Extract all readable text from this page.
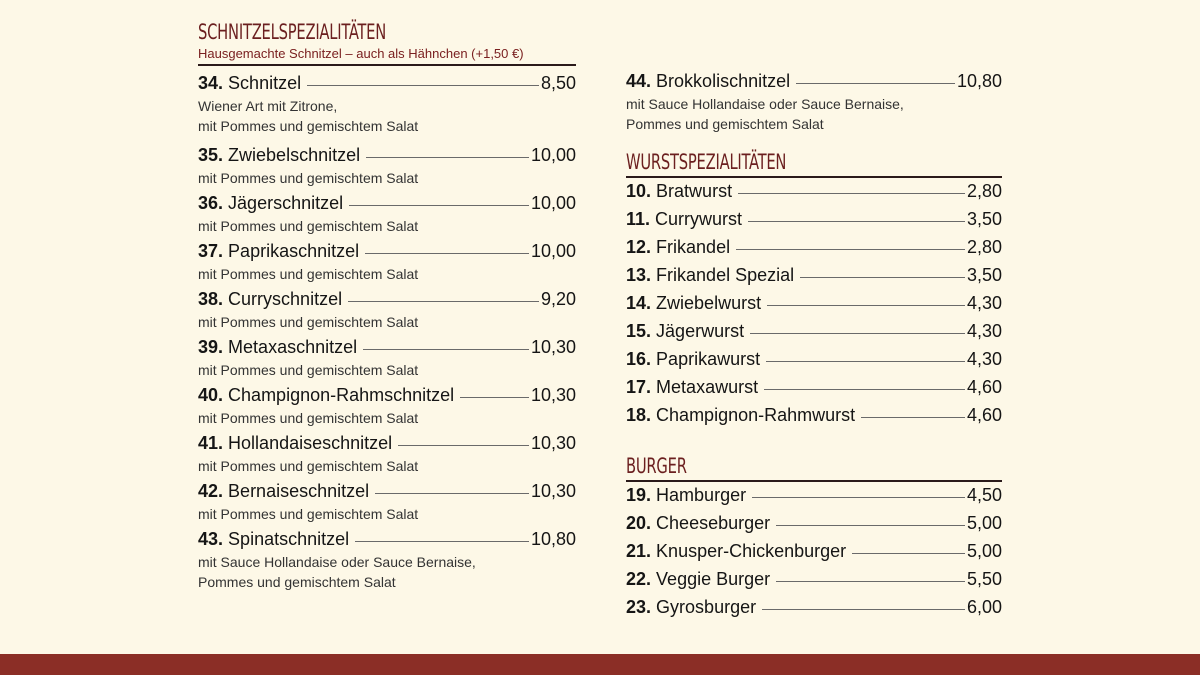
SCHNITZELSPEZIALITÄTEN
Hausgemachte Schnitzel – auch als Hähnchen (+1,50 €)
34. Schnitzel	8,50
Wiener Art mit Zitrone,
mit Pommes und gemischtem Salat
35. Zwiebelschnitzel	10,00
mit Pommes und gemischtem Salat
36. Jägerschnitzel	10,00
mit Pommes und gemischtem Salat
37. Paprikaschnitzel	10,00
mit Pommes und gemischtem Salat
38. Curryschnitzel	9,20
mit Pommes und gemischtem Salat
39. Metaxaschnitzel	10,30
mit Pommes und gemischtem Salat
40. Champignon-Rahmschnitzel	10,30
mit Pommes und gemischtem Salat
41. Hollandaiseschnitzel	10,30
mit Pommes und gemischtem Salat
42. Bernaiseschnitzel	10,30
mit Pommes und gemischtem Salat
43. Spinatschnitzel	10,80
mit Sauce Hollandaise oder Sauce Bernaise,
Pommes und gemischtem Salat
44. Brokkolischnitzel	10,80
mit Sauce Hollandaise oder Sauce Bernaise,
Pommes und gemischtem Salat
WURSTSPEZIALITÄTEN
10. Bratwurst	2,80
11. Currywurst	3,50
12. Frikandel	2,80
13. Frikandel Spezial	3,50
14. Zwiebelwurst	4,30
15. Jägerwurst	4,30
16. Paprikawurst	4,30
17. Metaxawurst	4,60
18. Champignon-Rahmwurst	4,60
BURGER
19. Hamburger	4,50
20. Cheeseburger	5,00
21. Knusper-Chickenburger	5,00
22. Veggie Burger	5,50
23. Gyrosburger	6,00
